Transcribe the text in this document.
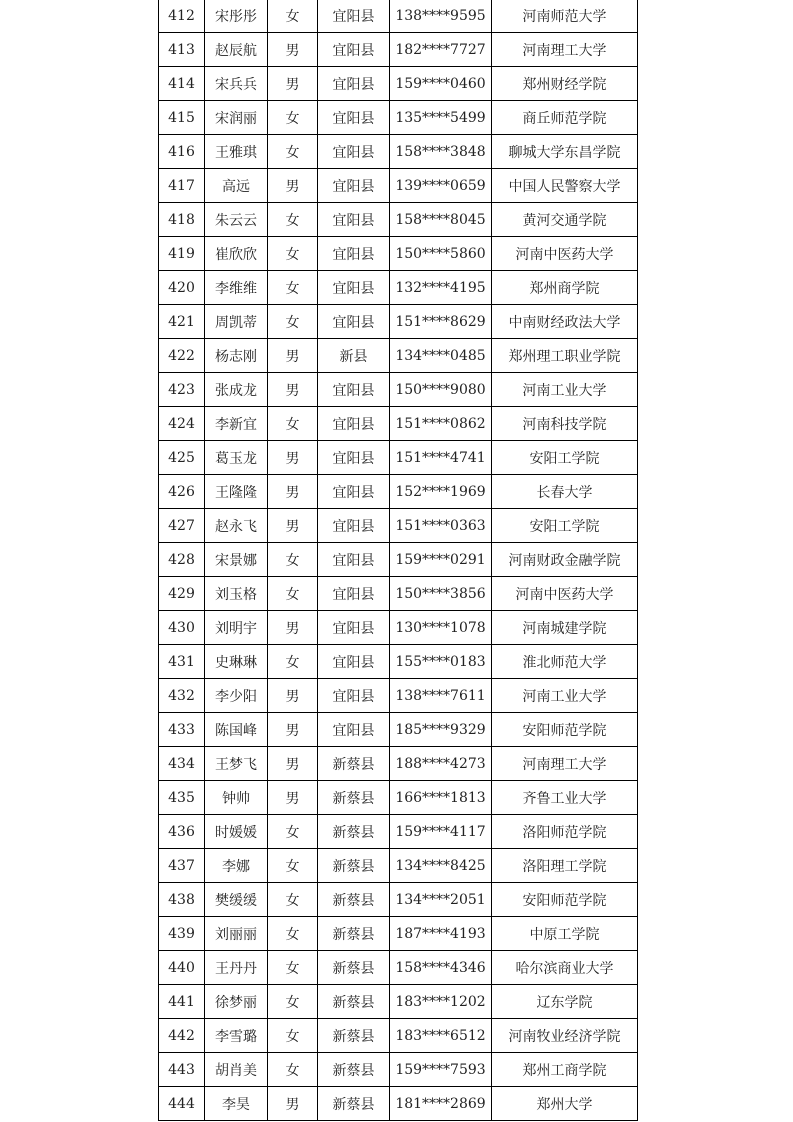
412	宋彤彤	女	宜阳县	138****9595	河南师范大学
413	赵辰航	男	宜阳县	182****7727	河南理工大学
414	宋兵兵	男	宜阳县	159****0460	郑州财经学院
415	宋润丽	女	宜阳县	135****5499	商丘师范学院
416	王雅琪	女	宜阳县	158****3848	聊城大学东昌学院
417	高远	男	宜阳县	139****0659	中国人民警察大学
418	朱云云	女	宜阳县	158****8045	黄河交通学院
419	崔欣欣	女	宜阳县	150****5860	河南中医药大学
420	李维维	女	宜阳县	132****4195	郑州商学院
421	周凯蒂	女	宜阳县	151****8629	中南财经政法大学
422	杨志刚	男	新县	134****0485	郑州理工职业学院
423	张成龙	男	宜阳县	150****9080	河南工业大学
424	李新宜	女	宜阳县	151****0862	河南科技学院
425	葛玉龙	男	宜阳县	151****4741	安阳工学院
426	王隆隆	男	宜阳县	152****1969	长春大学
427	赵永飞	男	宜阳县	151****0363	安阳工学院
428	宋景娜	女	宜阳县	159****0291	河南财政金融学院
429	刘玉格	女	宜阳县	150****3856	河南中医药大学
430	刘明宇	男	宜阳县	130****1078	河南城建学院
431	史琳琳	女	宜阳县	155****0183	淮北师范大学
432	李少阳	男	宜阳县	138****7611	河南工业大学
433	陈国峰	男	宜阳县	185****9329	安阳师范学院
434	王梦飞	男	新蔡县	188****4273	河南理工大学
435	钟帅	男	新蔡县	166****1813	齐鲁工业大学
436	时媛媛	女	新蔡县	159****4117	洛阳师范学院
437	李娜	女	新蔡县	134****8425	洛阳理工学院
438	樊缓缓	女	新蔡县	134****2051	安阳师范学院
439	刘丽丽	女	新蔡县	187****4193	中原工学院
440	王丹丹	女	新蔡县	158****4346	哈尔滨商业大学
441	徐梦丽	女	新蔡县	183****1202	辽东学院
442	李雪璐	女	新蔡县	183****6512	河南牧业经济学院
443	胡肖美	女	新蔡县	159****7593	郑州工商学院
444	李昊	男	新蔡县	181****2869	郑州大学
